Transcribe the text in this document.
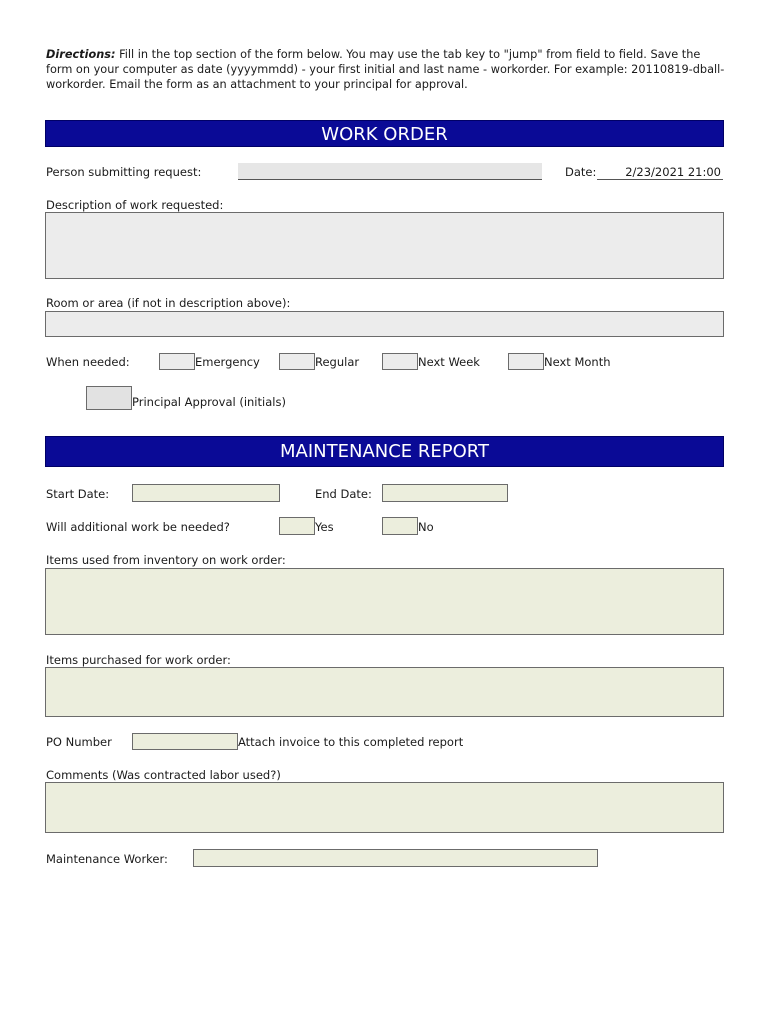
Directions: Fill in the top section of the form below. You may use the tab key to "jump" from field to field. Save the form on your computer as date (yyyymmdd) - your first initial and last name - workorder. For example: 20110819-dball-workorder. Email the form as an attachment to your principal for approval.
WORK ORDER
Person submitting request:	Date:	2/23/2021 21:00
Description of work requested:
Room or area (if not in description above):
When needed:	Emergency	Regular	Next Week	Next Month
Principal Approval (initials)
MAINTENANCE REPORT
Start Date:	End Date:
Will additional work be needed?	Yes	No
Items used from inventory on work order:
Items purchased for work order:
PO Number	Attach invoice to this completed report
Comments (Was contracted labor used?)
Maintenance Worker:
